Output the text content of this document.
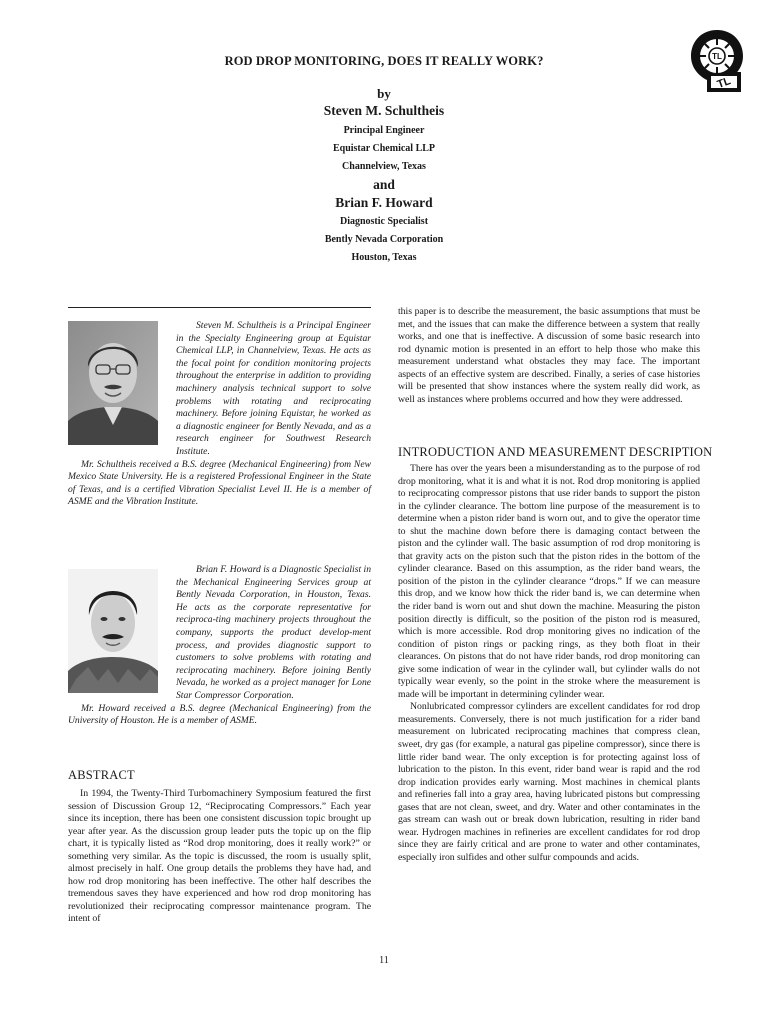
ROD DROP MONITORING, DOES IT REALLY WORK?
by
Steven M. Schultheis
Principal Engineer
Equistar Chemical LLP
Channelview, Texas
and
Brian F. Howard
Diagnostic Specialist
Bently Nevada Corporation
Houston, Texas
TL
TL

Steven M. Schultheis is a Principal Engineer in the Specialty Engineering group at Equistar Chemical LLP, in Channelview, Texas. He acts as the focal point for condition monitoring projects throughout the enterprise in addition to providing machinery analysis technical support to solve problems with rotating and reciprocating machinery. Before joining Equistar, he worked as a diagnostic engineer for Bently Nevada, and as a research engineer for Southwest Research Institute.

Mr. Schultheis received a B.S. degree (Mechanical Engineering) from New Mexico State University. He is a registered Professional Engineer in the State of Texas, and is a certified Vibration Specialist Level II. He is a member of ASME and the Vibration Institute.

Brian F. Howard is a Diagnostic Specialist in the Mechanical Engineering Services group at Bently Nevada Corporation, in Houston, Texas. He acts as the corporate representative for reciproca-ting machinery projects throughout the company, supports the product develop-ment process, and provides diagnostic support to customers to solve problems with rotating and reciprocating machinery. Before joining Bently Nevada, he worked as a project manager for Lone Star Compressor Corporation.

Mr. Howard received a B.S. degree (Mechanical Engineering) from the University of Houston. He is a member of ASME.

ABSTRACT

In 1994, the Twenty-Third Turbomachinery Symposium featured the first session of Discussion Group 12, “Reciprocating Compressors.” Each year since its inception, there has been one consistent discussion topic brought up year after year. As the discussion group leader puts the topic up on the flip chart, it is typically listed as “Rod drop monitoring, does it really work?” or something very similar. As the topic is discussed, the room is usually split, almost precisely in half. One group details the problems they have had, and how rod drop monitoring has been ineffective. The other half describes the tremendous saves they have experienced and how rod drop monitoring has revolutionized their reciprocating compressor maintenance program. The intent of

this paper is to describe the measurement, the basic assumptions that must be met, and the issues that can make the difference between a system that really works, and one that is ineffective. A discussion of some basic research into rod dynamic motion is presented in an effort to help those who make this measurement understand what obstacles they may face. The important aspects of an effective system are described. Finally, a series of case histories will be presented that show instances where the system really did work, as well as instances where problems occurred and how they were addressed.

INTRODUCTION AND MEASUREMENT DESCRIPTION

There has over the years been a misunderstanding as to the purpose of rod drop monitoring, what it is and what it is not. Rod drop monitoring is applied to reciprocating compressor pistons that use rider bands to support the piston in the cylinder clearance. The bottom line purpose of the measurement is to determine when a piston rider band is worn out, and to give the operator time to shut the machine down before there is damaging contact between the piston and the cylinder wall. The basic assumption of rod drop monitoring is that gravity acts on the piston such that the piston rides in the bottom of the cylinder clearance. Based on this assumption, as the rider band wears, the position of the piston in the cylinder clearance “drops.” If we can measure this drop, and we know how thick the rider band is, we can determine when the rider band is worn out and shut down the machine. Measuring the piston position directly is difficult, so the position of the piston rod is measured, which is more accessible. Rod drop monitoring gives no indication of the condition of piston rings or packing rings, as they both float in their clearances. On pistons that do not have rider bands, rod drop monitoring can give some indication of wear in the cylinder wall, but cylinder walls do not typically wear evenly, so the point in the stroke where the measurement is made will be important in determining cylinder wear.

Nonlubricated compressor cylinders are excellent candidates for rod drop measurements. Conversely, there is not much justification for a rider band measurement on lubricated reciprocating machines that compress clean, sweet, dry gas (for example, a natural gas pipeline compressor), since there is little rider band wear. The only exception is for protecting against loss of lubrication to the piston. In this event, rider band wear is rapid and the rod drop indication provides early warning. Most machines in chemical plants and refineries fall into a gray area, having lubricated pistons but compressing gases that are not clean, sweet, and dry. Water and other contaminates in the gas stream can wash out or break down lubrication, resulting in rider band wear. Hydrogen machines in refineries are excellent candidates for rod drop since they are fairly critical and are prone to water and other contaminates, especially iron sulfides and other sulfur compounds and acids.

11
